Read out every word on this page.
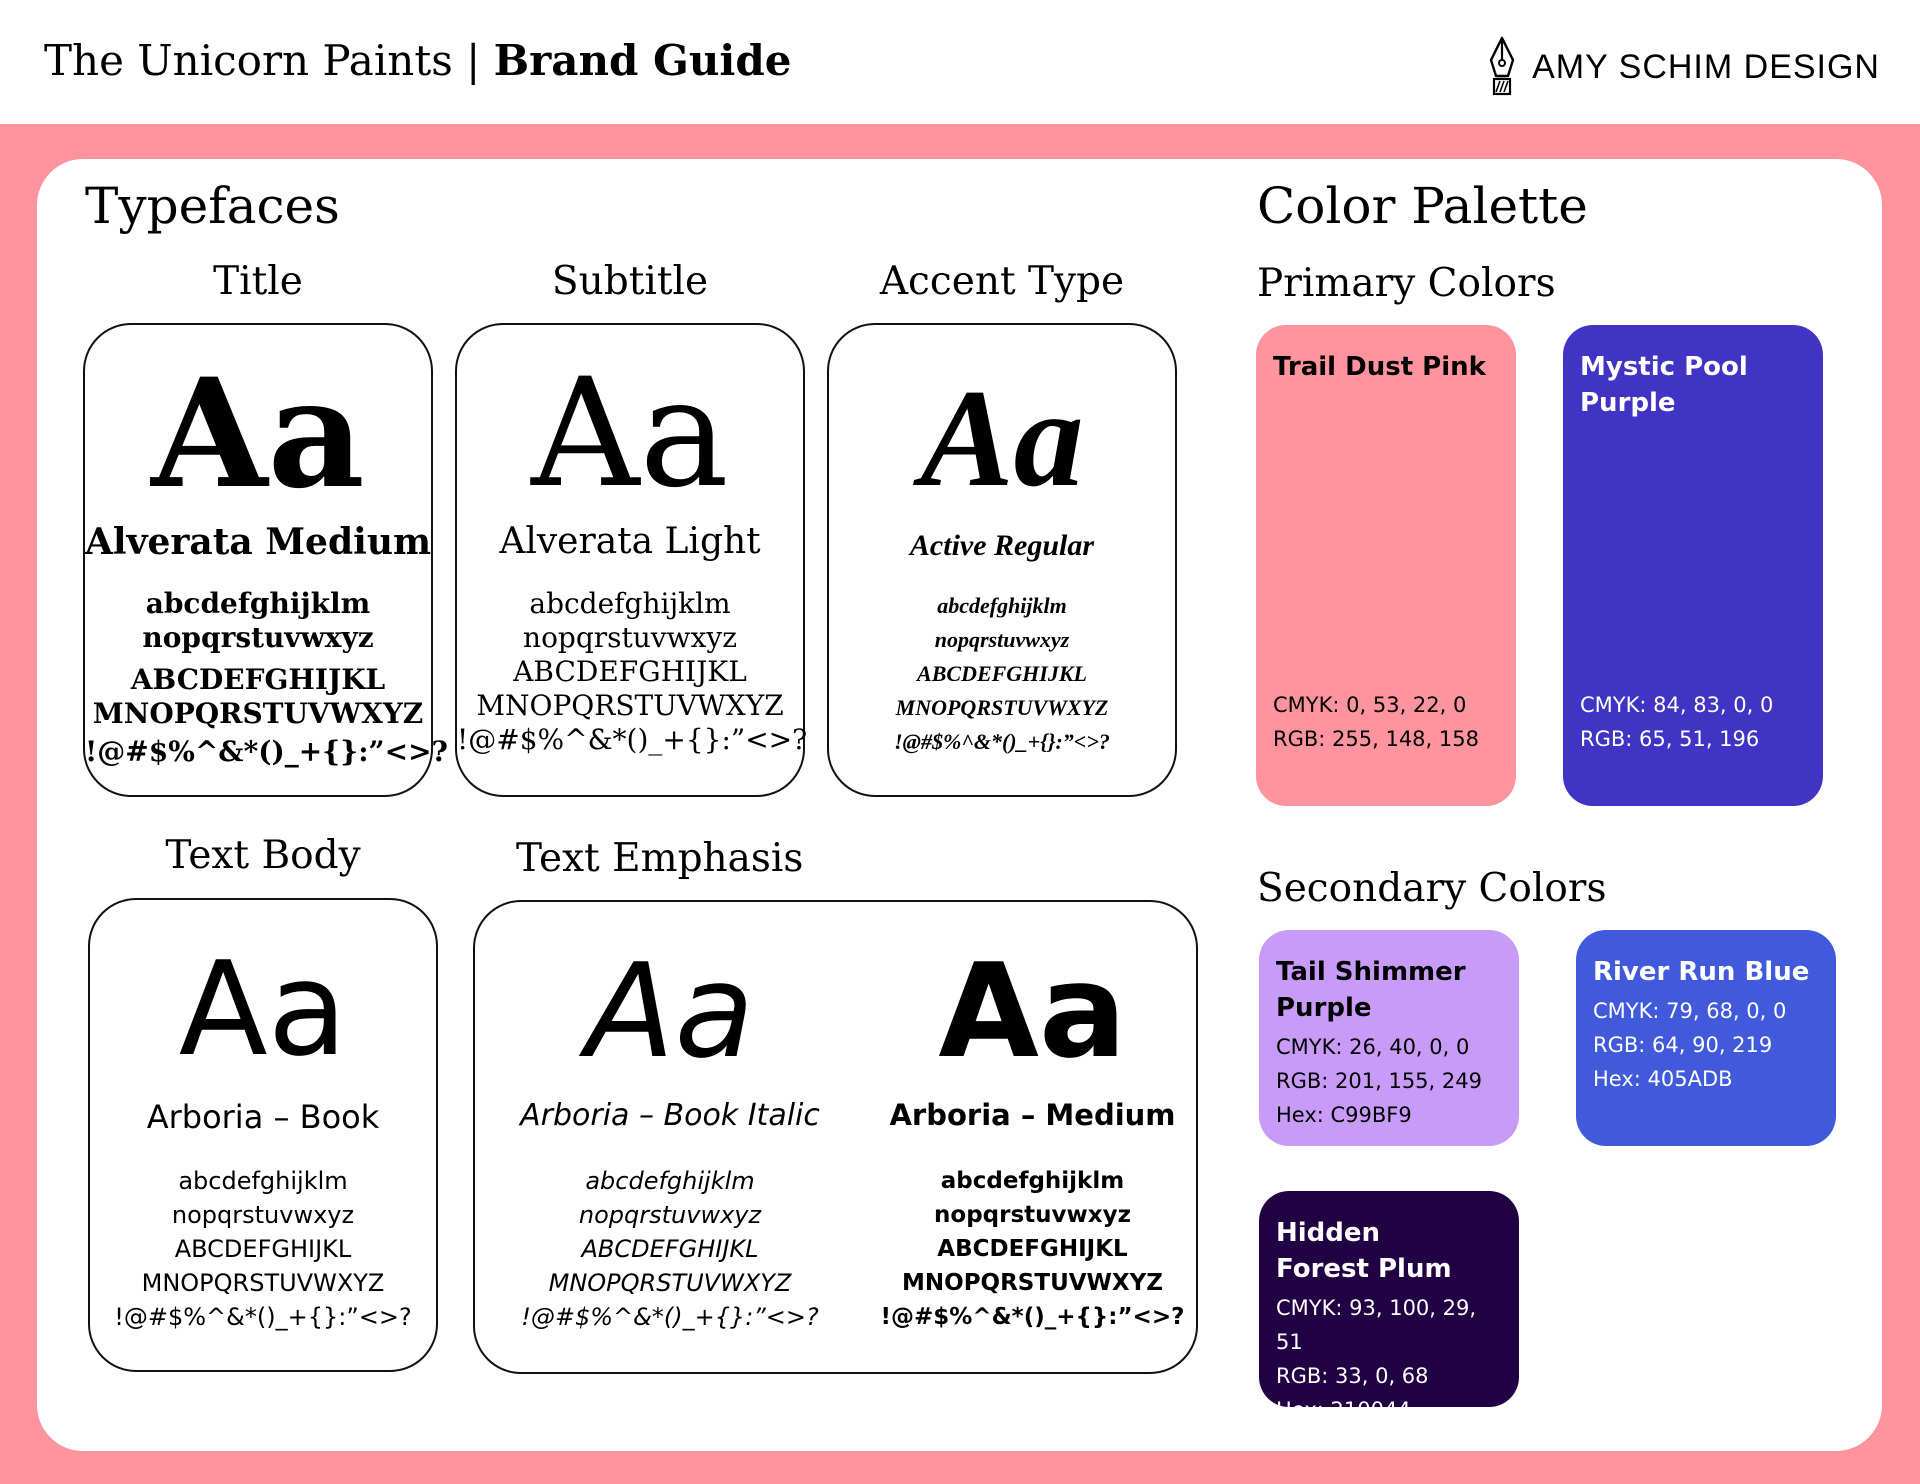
The Unicorn Paints | Brand Guide	AMY SCHIM DESIGN
Typefaces	Color Palette
Title
Aa
Alverata Medium
abcdefghijklm
nopqrstuvwxyz
ABCDEFGHIJKL
MNOPQRSTUVWXYZ
!@#$%^&*()_+{}:”<>?
Subtitle
Aa
Alverata Light
abcdefghijklm
nopqrstuvwxyz
ABCDEFGHIJKL
MNOPQRSTUVWXYZ
!@#$%^&*()_+{}:”<>?
Accent Type
Aa
Active Regular
abcdefghijklm
nopqrstuvwxyz
ABCDEFGHIJKL
MNOPQRSTUVWXYZ
!@#$%^&*()_+{}:”<>?
Text Body
Aa
Arboria – Book
abcdefghijklm
nopqrstuvwxyz
ABCDEFGHIJKL
MNOPQRSTUVWXYZ
!@#$%^&*()_+{}:”<>?
Text Emphasis
Aa
Arboria – Book Italic
abcdefghijklm
nopqrstuvwxyz
ABCDEFGHIJKL
MNOPQRSTUVWXYZ
!@#$%^&*()_+{}:”<>?
Aa
Arboria – Medium
abcdefghijklm
nopqrstuvwxyz
ABCDEFGHIJKL
MNOPQRSTUVWXYZ
!@#$%^&*()_+{}:”<>?
Primary Colors
Trail Dust Pink
CMYK: 0, 53, 22, 0
RGB: 255, 148, 158
Mystic Pool
Purple
CMYK: 84, 83, 0, 0
RGB: 65, 51, 196
Secondary Colors
Tail Shimmer
Purple
CMYK: 26, 40, 0, 0
RGB: 201, 155, 249
Hex: C99BF9
River Run Blue
CMYK: 79, 68, 0, 0
RGB: 64, 90, 219
Hex: 405ADB
Hidden
Forest Plum
CMYK: 93, 100, 29, 51
RGB: 33, 0, 68
Hex: 210044
